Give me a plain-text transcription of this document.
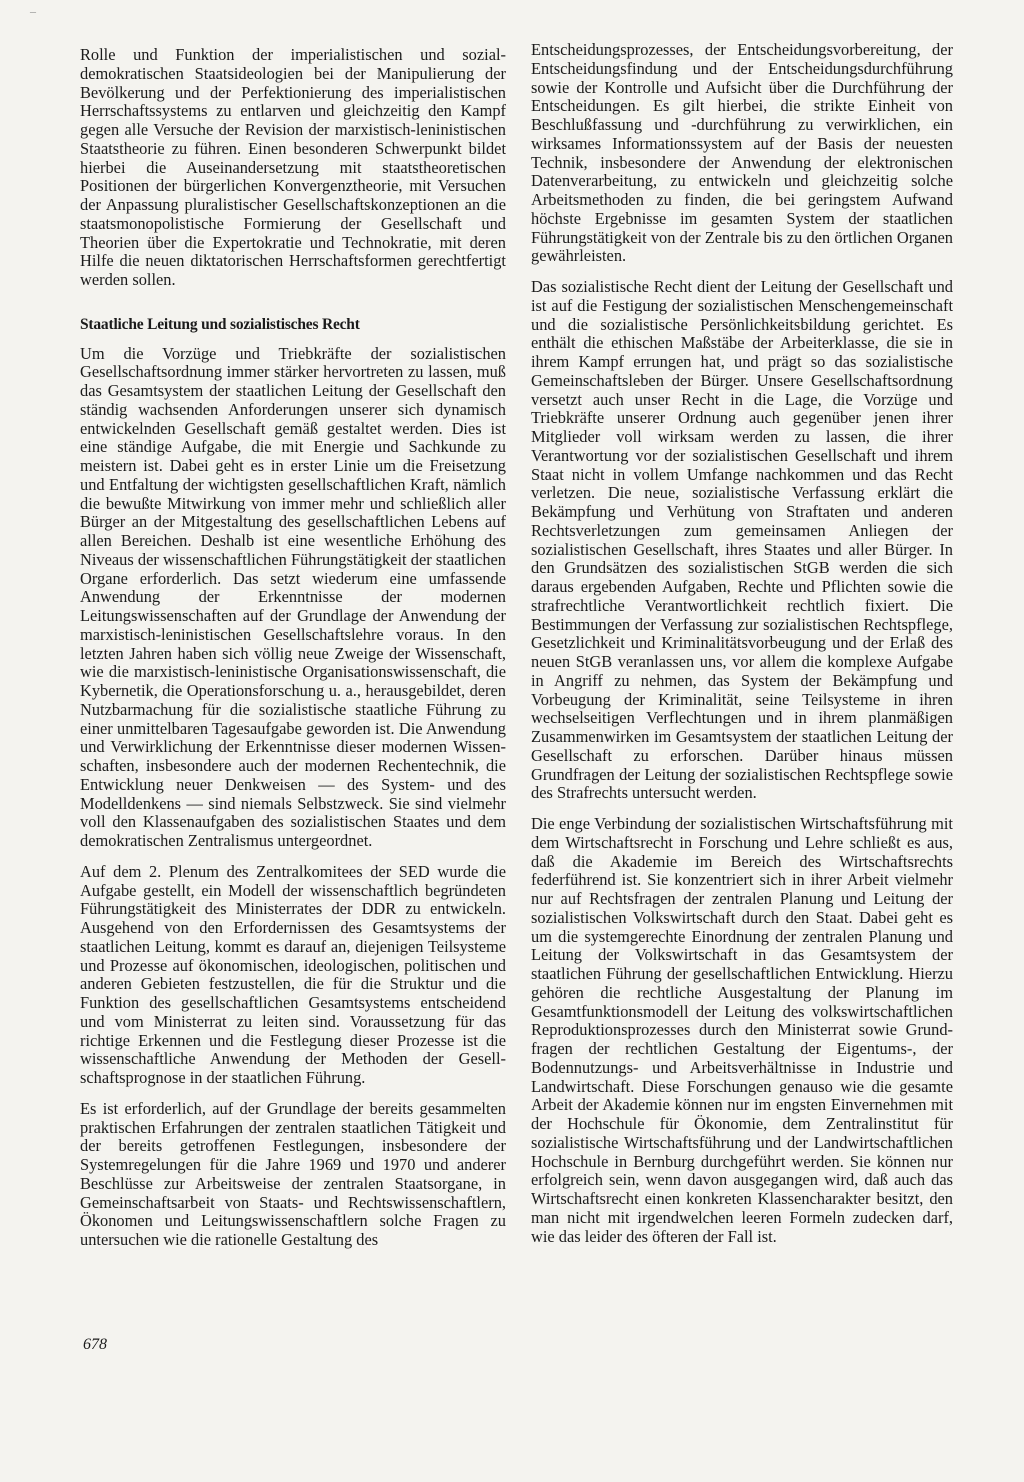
–

Rolle und Funktion der imperialistischen und sozialdemokratischen Staatsideologien bei der Manipulierung der Bevölkerung und der Perfektionierung des imperialistischen Herrschaftssystems zu entlarven und gleichzeitig den Kampf gegen alle Versuche der Revision der marxistisch-leninistischen Staatstheorie zu führen. Einen besonderen Schwerpunkt bildet hierbei die Auseinandersetzung mit staatstheoretischen Positionen der bürgerlichen Konvergenztheorie, mit Versuchen der Anpassung pluralistischer Gesellschaftskonzeptionen an die staatsmonopolistische Formierung der Gesellschaft und Theorien über die Expertokratie und Technokratie, mit deren Hilfe die neuen diktatorischen Herrschaftsformen gerechtfertigt werden sollen.

Staatliche Leitung und sozialistisches Recht

Um die Vorzüge und Triebkräfte der sozialistischen Gesellschaftsordnung immer stärker hervortreten zu lassen, muß das Gesamtsystem der staatlichen Leitung der Gesellschaft den ständig wachsenden Anforderungen unserer sich dynamisch entwickelnden Gesellschaft gemäß gestaltet werden. Dies ist eine ständige Aufgabe, die mit Energie und Sachkunde zu meistern ist. Dabei geht es in erster Linie um die Freisetzung und Entfaltung der wichtigsten gesellschaftlichen Kraft, nämlich die bewußte Mitwirkung von immer mehr und schließlich aller Bürger an der Mitgestaltung des gesellschaftlichen Lebens auf allen Bereichen. Deshalb ist eine wesentliche Erhöhung des Niveaus der wissenschaftlichen Führungstätigkeit der staatlichen Organe erforderlich. Das setzt wiederum eine umfassende Anwendung der Erkenntnisse der modernen Leitungswissenschaften auf der Grundlage der Anwendung der marxistisch-leninistischen Gesellschaftslehre voraus. In den letzten Jahren haben sich völlig neue Zweige der Wissenschaft, wie die marxistisch-leninistische Organisationswissenschaft, die Kybernetik, die Operationsforschung u. a., herausgebildet, deren Nutzbarmachung für die sozialistische staatliche Führung zu einer unmittelbaren Tagesaufgabe geworden ist. Die Anwendung und Verwirklichung der Erkenntnisse dieser modernen Wissenschaften, insbesondere auch der modernen Rechentechnik, die Entwicklung neuer Denkweisen — des System- und des Modelldenkens — sind niemals Selbstzweck. Sie sind vielmehr voll den Klassenaufgaben des sozialistischen Staates und dem demokratischen Zentralismus untergeordnet.

Auf dem 2. Plenum des Zentralkomitees der SED wurde die Aufgabe gestellt, ein Modell der wissenschaftlich begründeten Führungstätigkeit des Ministerrates der DDR zu entwickeln. Ausgehend von den Erfordernissen des Gesamtsystems der staatlichen Leitung, kommt es darauf an, diejenigen Teilsysteme und Prozesse auf ökonomischen, ideologischen, politischen und anderen Gebieten festzustellen, die für die Struktur und die Funktion des gesellschaftlichen Gesamtsystems entscheidend und vom Ministerrat zu leiten sind. Voraussetzung für das richtige Erkennen und die Festlegung dieser Prozesse ist die wissenschaftliche Anwendung der Methoden der Gesellschaftsprognose in der staatlichen Führung.

Es ist erforderlich, auf der Grundlage der bereits gesammelten praktischen Erfahrungen der zentralen staatlichen Tätigkeit und der bereits getroffenen Festlegungen, insbesondere der Systemregelungen für die Jahre 1969 und 1970 und anderer Beschlüsse zur Arbeitsweise der zentralen Staatsorgane, in Gemeinschaftsarbeit von Staats- und Rechtswissenschaftlern, Ökonomen und Leitungswissenschaftlern solche Fragen zu untersuchen wie die rationelle Gestaltung des

Entscheidungsprozesses, der Entscheidungsvorbereitung, der Entscheidungsfindung und der Entscheidungsdurchführung sowie der Kontrolle und Aufsicht über die Durchführung der Entscheidungen. Es gilt hierbei, die strikte Einheit von Beschlußfassung und -durchführung zu verwirklichen, ein wirksames Informationssystem auf der Basis der neuesten Technik, insbesondere der Anwendung der elektronischen Datenverarbeitung, zu entwickeln und gleichzeitig solche Arbeitsmethoden zu finden, die bei geringstem Aufwand höchste Ergebnisse im gesamten System der staatlichen Führungstätigkeit von der Zentrale bis zu den örtlichen Organen gewährleisten.

Das sozialistische Recht dient der Leitung der Gesellschaft und ist auf die Festigung der sozialistischen Menschengemeinschaft und die sozialistische Persönlichkeitsbildung gerichtet. Es enthält die ethischen Maßstäbe der Arbeiterklasse, die sie in ihrem Kampf errungen hat, und prägt so das sozialistische Gemeinschaftsleben der Bürger. Unsere Gesellschaftsordnung versetzt auch unser Recht in die Lage, die Vorzüge und Triebkräfte unserer Ordnung auch gegenüber jenen ihrer Mitglieder voll wirksam werden zu lassen, die ihrer Verantwortung vor der sozialistischen Gesellschaft und ihrem Staat nicht in vollem Umfange nachkommen und das Recht verletzen. Die neue, sozialistische Verfassung erklärt die Bekämpfung und Verhütung von Straftaten und anderen Rechtsverletzungen zum gemeinsamen Anliegen der sozialistischen Gesellschaft, ihres Staates und aller Bürger. In den Grundsätzen des sozialistischen StGB werden die sich daraus ergebenden Aufgaben, Rechte und Pflichten sowie die strafrechtliche Verantwortlichkeit rechtlich fixiert. Die Bestimmungen der Verfassung zur sozialistischen Rechtspflege, Gesetzlichkeit und Kriminalitätsvorbeugung und der Erlaß des neuen StGB veranlassen uns, vor allem die komplexe Aufgabe in Angriff zu nehmen, das System der Bekämpfung und Vorbeugung der Kriminalität, seine Teilsysteme in ihren wechselseitigen Verflechtungen und in ihrem planmäßigen Zusammenwirken im Gesamtsystem der staatlichen Leitung der Gesellschaft zu erforschen. Darüber hinaus müssen Grundfragen der Leitung der sozialistischen Rechtspflege sowie des Strafrechts untersucht werden.

Die enge Verbindung der sozialistischen Wirtschaftsführung mit dem Wirtschaftsrecht in Forschung und Lehre schließt es aus, daß die Akademie im Bereich des Wirtschaftsrechts federführend ist. Sie konzentriert sich in ihrer Arbeit vielmehr nur auf Rechtsfragen der zentralen Planung und Leitung der sozialistischen Volkswirtschaft durch den Staat. Dabei geht es um die systemgerechte Einordnung der zentralen Planung und Leitung der Volkswirtschaft in das Gesamtsystem der staatlichen Führung der gesellschaftlichen Entwicklung. Hierzu gehören die rechtliche Ausgestaltung der Planung im Gesamtfunktionsmodell der Leitung des volkswirtschaftlichen Reproduktionsprozesses durch den Ministerrat sowie Grundfragen der rechtlichen Gestaltung der Eigentums-, der Bodennutzungs- und Arbeitsverhältnisse in Industrie und Landwirtschaft. Diese Forschungen genauso wie die gesamte Arbeit der Akademie können nur im engsten Einvernehmen mit der Hochschule für Ökonomie, dem Zentralinstitut für sozialistische Wirtschaftsführung und der Landwirtschaftlichen Hochschule in Bernburg durchgeführt werden. Sie können nur erfolgreich sein, wenn davon ausgegangen wird, daß auch das Wirtschaftsrecht einen konkreten Klassencharakter besitzt, den man nicht mit irgendwelchen leeren Formeln zudecken darf, wie das leider des öfteren der Fall ist.

678
